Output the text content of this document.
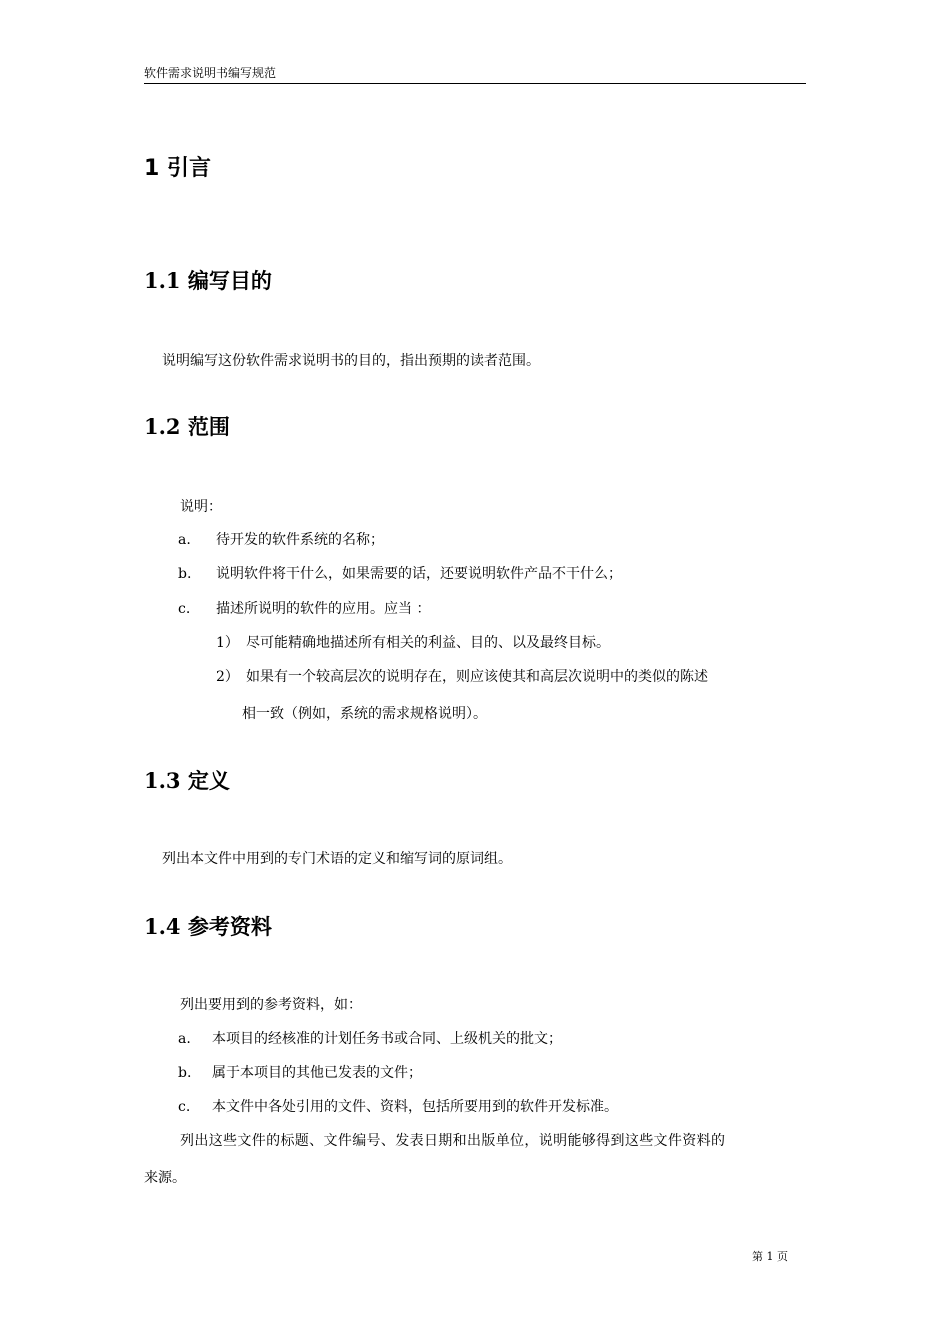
软件需求说明书编写规范
1 引言
1.1 编写目的
说明编写这份软件需求说明书的目的，指出预期的读者范围。
1.2 范围
说明：
a. 待开发的软件系统的名称；
b. 说明软件将干什么，如果需要的话，还要说明软件产品不干什么；
c. 描述所说明的软件的应用。应当 ：
1） 尽可能精确地描述所有相关的利益、目的、以及最终目标。
2） 如果有一个较高层次的说明存在，则应该使其和高层次说明中的类似的陈述
相一致（例如，系统的需求规格说明）。
1.3 定义
列出本文件中用到的专门术语的定义和缩写词的原词组。
1.4 参考资料
列出要用到的参考资料，如：
a. 本项目的经核准的计划任务书或合同、上级机关的批文；
b. 属于本项目的其他已发表的文件；
c. 本文件中各处引用的文件、资料，包括所要用到的软件开发标准。
列出这些文件的标题、文件编号、发表日期和出版单位，说明能够得到这些文件资料的
来源。
第 1 页
